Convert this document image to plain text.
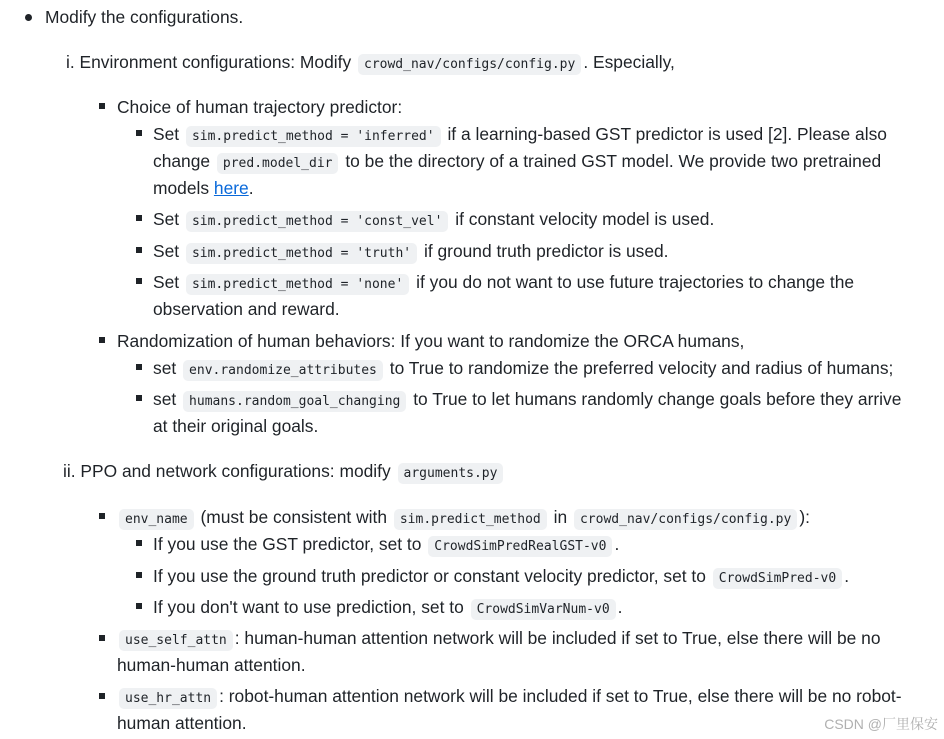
Modify the configurations.
i. Environment configurations: Modify crowd_nav/configs/config.py . Especially,
Choice of human trajectory predictor:
Set sim.predict_method = 'inferred' if a learning-based GST predictor is used [2]. Please also
change pred.model_dir to be the directory of a trained GST model. We provide two pretrained
models here.
Set sim.predict_method = 'const_vel' if constant velocity model is used.
Set sim.predict_method = 'truth' if ground truth predictor is used.
Set sim.predict_method = 'none' if you do not want to use future trajectories to change the
observation and reward.
Randomization of human behaviors: If you want to randomize the ORCA humans,
set env.randomize_attributes to True to randomize the preferred velocity and radius of humans;
set humans.random_goal_changing to True to let humans randomly change goals before they arrive
at their original goals.
ii. PPO and network configurations: modify arguments.py
env_name (must be consistent with sim.predict_method in crowd_nav/configs/config.py ):
If you use the GST predictor, set to CrowdSimPredRealGST-v0 .
If you use the ground truth predictor or constant velocity predictor, set to CrowdSimPred-v0 .
If you don't want to use prediction, set to CrowdSimVarNum-v0 .
use_self_attn : human-human attention network will be included if set to True, else there will be no
human-human attention.
use_hr_attn : robot-human attention network will be included if set to True, else there will be no robot-
human attention.	CSDN @厂里保安
